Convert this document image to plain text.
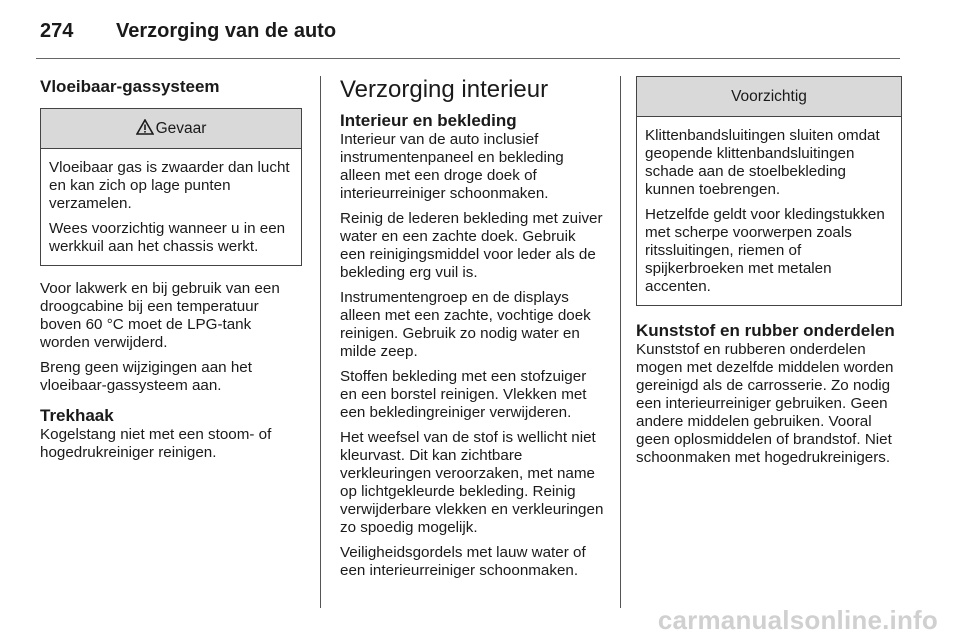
274 Verzorging van de auto
Vloeibaar-gassysteem
Gevaar

Vloeibaar gas is zwaarder dan lucht en kan zich op lage punten verzamelen.

Wees voorzichtig wanneer u in een werkkuil aan het chassis werkt.

Voor lakwerk en bij gebruik van een droogcabine bij een temperatuur boven 60 °C moet de LPG-tank worden verwijderd.

Breng geen wijzigingen aan het vloeibaar-gassysteem aan.

Trekhaak

Kogelstang niet met een stoom- of hogedrukreiniger reinigen.

Verzorging interieur
Interieur en bekleding

Interieur van de auto inclusief instrumentenpaneel en bekleding alleen met een droge doek of interieurreiniger schoonmaken.

Reinig de lederen bekleding met zuiver water en een zachte doek. Gebruik een reinigingsmiddel voor leder als de bekleding erg vuil is.

Instrumentengroep en de displays alleen met een zachte, vochtige doek reinigen. Gebruik zo nodig water en milde zeep.

Stoffen bekleding met een stofzuiger en een borstel reinigen. Vlekken met een bekledingreiniger verwijderen.

Het weefsel van de stof is wellicht niet kleurvast. Dit kan zichtbare verkleuringen veroorzaken, met name op lichtgekleurde bekleding. Reinig verwijderbare vlekken en verkleuringen zo spoedig mogelijk.

Veiligheidsgordels met lauw water of een interieurreiniger schoonmaken.

Voorzichtig

Klittenbandsluitingen sluiten omdat geopende klittenbandsluitingen schade aan de stoelbekleding kunnen toebrengen.

Hetzelfde geldt voor kledingstukken met scherpe voorwerpen zoals ritssluitingen, riemen of spijkerbroeken met metalen accenten.

Kunststof en rubber onderdelen

Kunststof en rubberen onderdelen mogen met dezelfde middelen worden gereinigd als de carrosserie. Zo nodig een interieurreiniger gebruiken. Geen andere middelen gebruiken. Vooral geen oplosmiddelen of brandstof. Niet schoonmaken met hogedrukreinigers.

carmanualsonline.info
